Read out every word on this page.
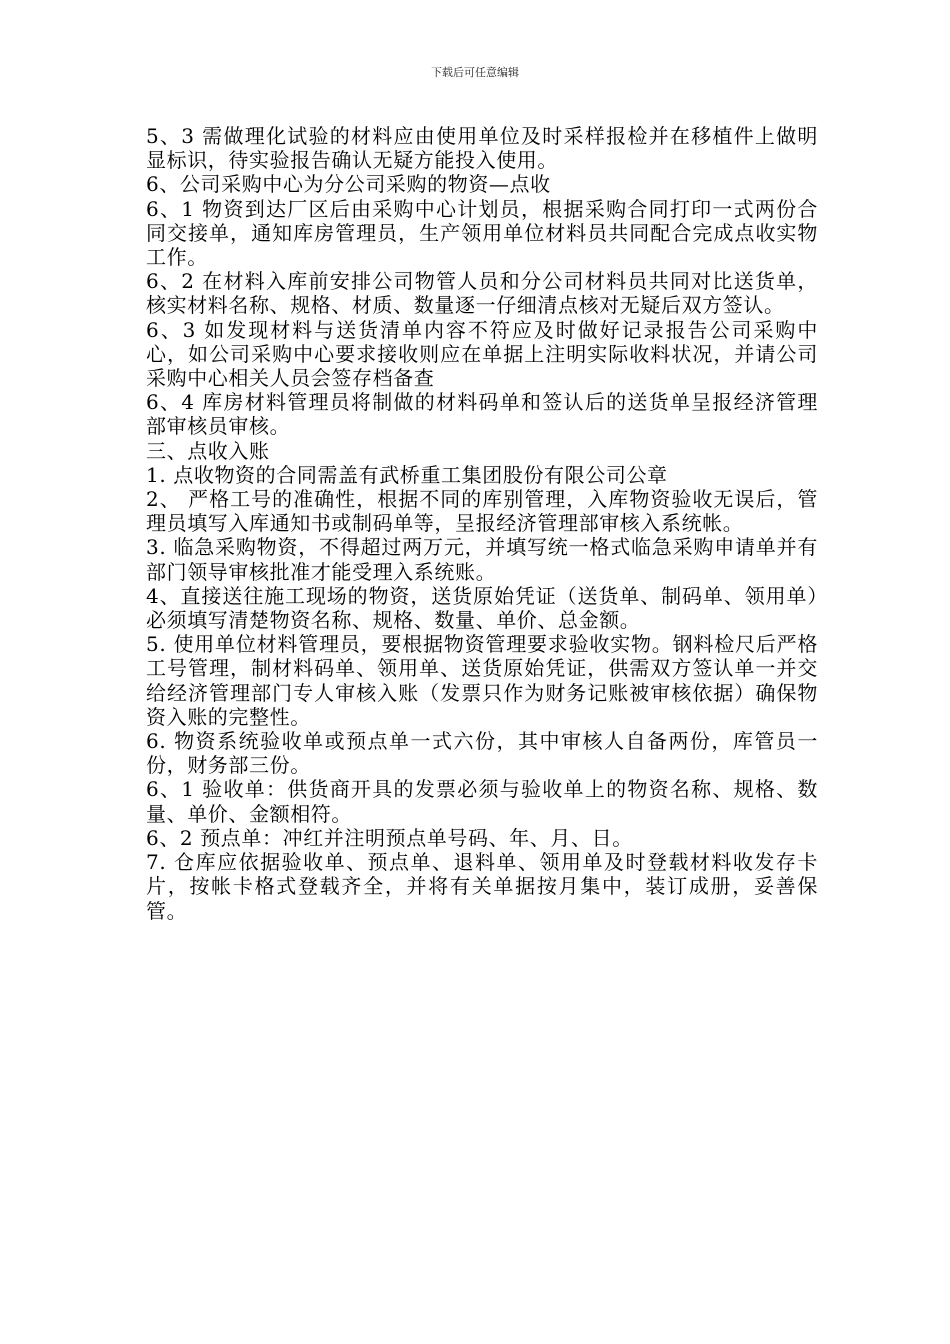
下载后可任意编辑

5、3 需做理化试验的材料应由使用单位及时采样报检并在移植件上做明显标识，待实验报告确认无疑方能投入使用。

6、公司采购中心为分公司采购的物资—点收

6、1 物资到达厂区后由采购中心计划员，根据采购合同打印一式两份合同交接单，通知库房管理员，生产领用单位材料员共同配合完成点收实物工作。

6、2 在材料入库前安排公司物管人员和分公司材料员共同对比送货单，核实材料名称、规格、材质、数量逐一仔细清点核对无疑后双方签认。

6、3 如发现材料与送货清单内容不符应及时做好记录报告公司采购中心，如公司采购中心要求接收则应在单据上注明实际收料状况，并请公司采购中心相关人员会签存档备查

6、4 库房材料管理员将制做的材料码单和签认后的送货单呈报经济管理部审核员审核。

三、点收入账

1. 点收物资的合同需盖有武桥重工集团股份有限公司公章

2、 严格工号的准确性，根据不同的库别管理，入库物资验收无误后，管理员填写入库通知书或制码单等，呈报经济管理部审核入系统帐。

3. 临急采购物资，不得超过两万元，并填写统一格式临急采购申请单并有部门领导审核批准才能受理入系统账。

4、直接送往施工现场的物资，送货原始凭证（送货单、制码单、领用单）必须填写清楚物资名称、规格、数量、单价、总金额。

5. 使用单位材料管理员，要根据物资管理要求验收实物。钢料检尺后严格工号管理，制材料码单、领用单、送货原始凭证，供需双方签认单一并交给经济管理部门专人审核入账（发票只作为财务记账被审核依据）确保物资入账的完整性。

6. 物资系统验收单或预点单一式六份，其中审核人自备两份，库管员一份，财务部三份。

6、1 验收单：供货商开具的发票必须与验收单上的物资名称、规格、数量、单价、金额相符。

6、2 预点单：冲红并注明预点单号码、年、月、日。

7. 仓库应依据验收单、预点单、退料单、领用单及时登载材料收发存卡片，按帐卡格式登载齐全，并将有关单据按月集中，装订成册，妥善保管。
